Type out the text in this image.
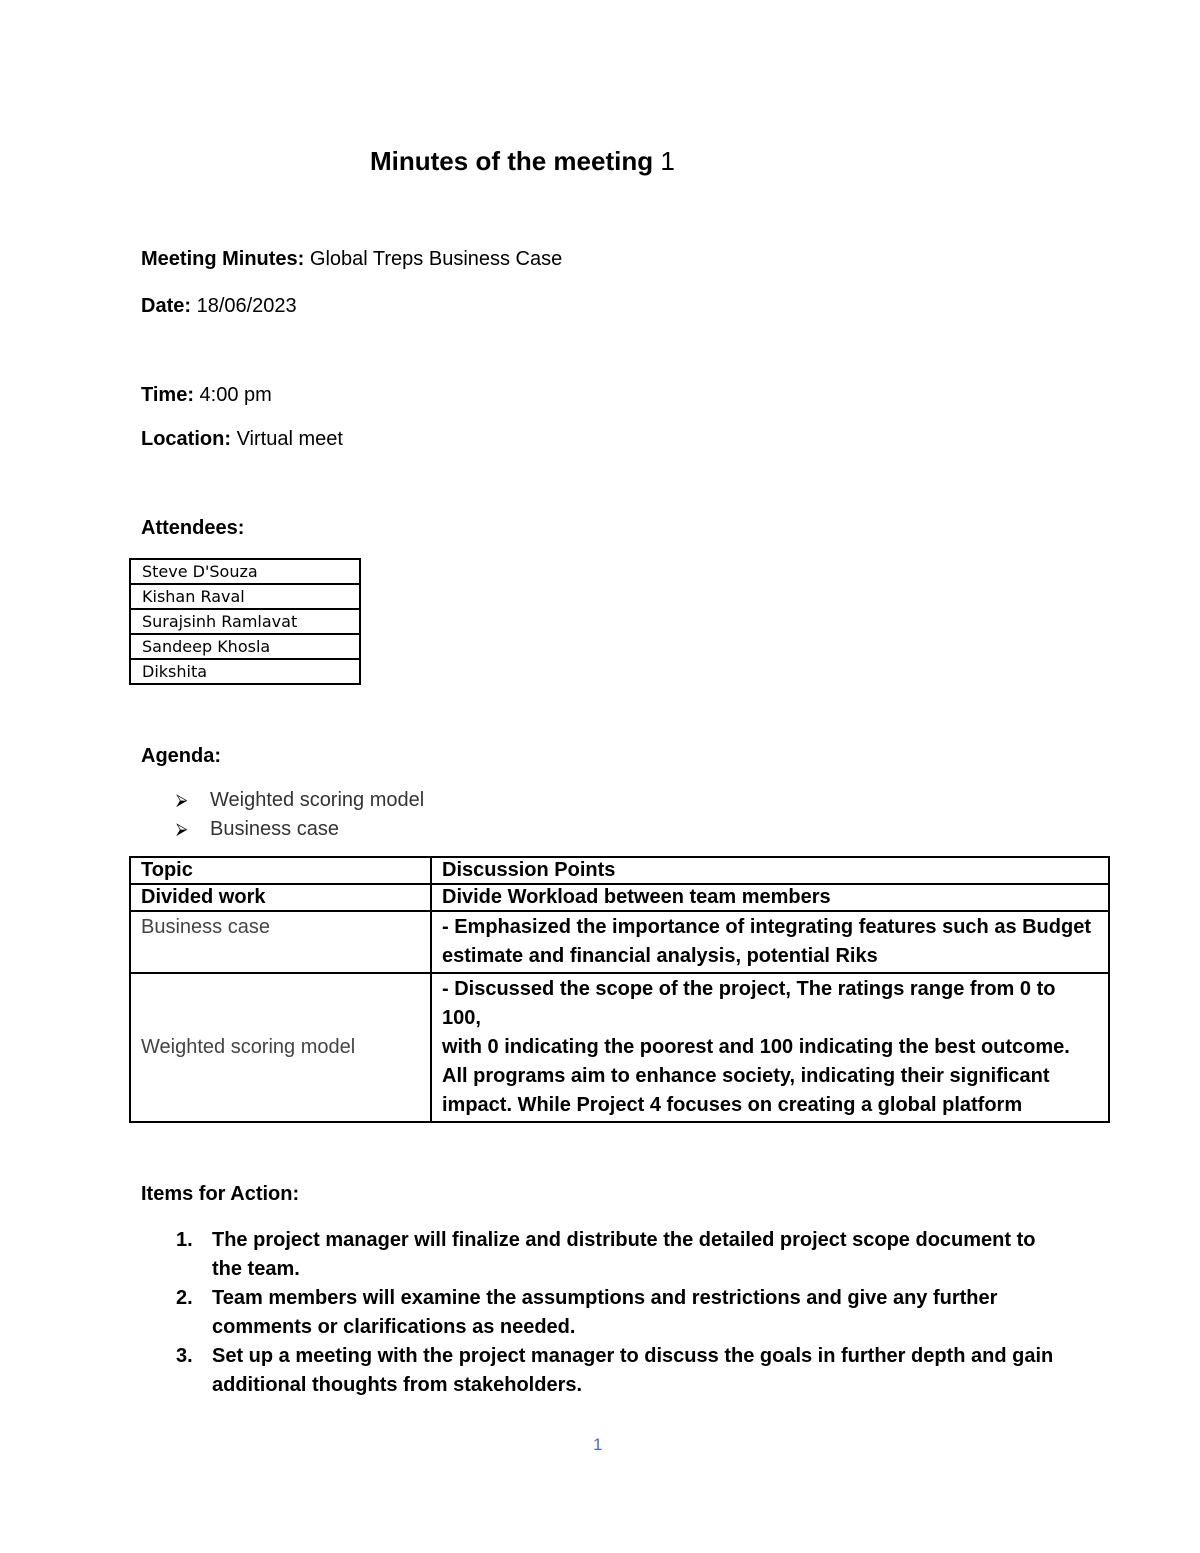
Minutes of the meeting 1
Meeting Minutes: Global Treps Business Case
Date: 18/06/2023
Time: 4:00 pm
Location: Virtual meet
Attendees:
Steve D'Souza
Kishan Raval
Surajsinh Ramlavat
Sandeep Khosla
Dikshita
Agenda:
⮚	Weighted scoring model
⮚	Business case
Topic	Discussion Points
Divided work	Divide Workload between team members

Business case	- Emphasized the importance of integrating features such as Budget
estimate and financial analysis, potential Riks

Weighted scoring model	- Discussed the scope of the project, The ratings range from 0 to 100,
with 0 indicating the poorest and 100 indicating the best outcome.
All programs aim to enhance society, indicating their significant
impact. While Project 4 focuses on creating a global platform
Items for Action:
1. The project manager will finalize and distribute the detailed project scope document to
the team.
2. Team members will examine the assumptions and restrictions and give any further
comments or clarifications as needed.
3. Set up a meeting with the project manager to discuss the goals in further depth and gain
additional thoughts from stakeholders.
1
